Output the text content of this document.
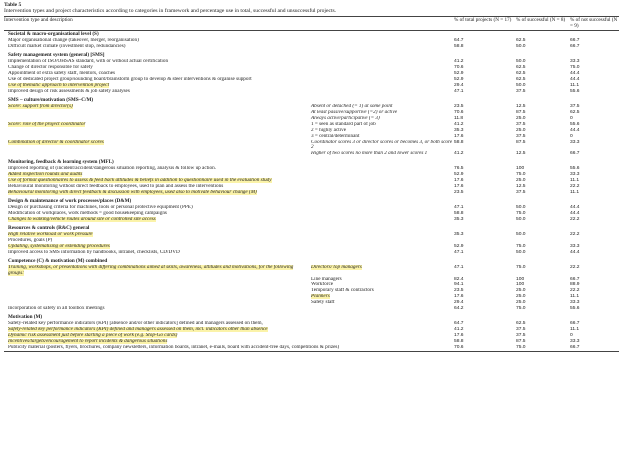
Table 5
Intervention types and project characteristics according to categories in framework and percentage use in total, successful and unsuccessful projects.
Intervention type and description		% of total projects (N = 17)	% of successful (N = 8)	% of not successful (N = 9)
Societal & macro-organisational level (S)				
Major organisational change (takeover, merger, reorganisation)		64.7	62.5	66.7
Difficult market climate (investment stop, redundancies)		58.8	50.0	66.7
Safety management system (general) [SMS]				
Implementation of ISO/OHSAS standard, with or without actual certification		41.2	50.0	33.3
Change of director responsible for safety		70.6	62.5	75.0
Appointment of extra safety staff, mentors, coaches		52.9	62.5	44.4
Use of dedicated project group/sounding board/brainstorm group to develop & steer interventions & organise support		52.9	62.5	44.4
Use of thematic approach to intervention project		29.4	50.0	11.1
Improved design of risk assessments & job safety analyses		47.1	37.5	55.6
SMS – culture/motivation (SMS–C/M)				
Score: support from director(s)	Absent or detached (= 1) at some point	23.5	12.5	37.5
	At least passive/supportive (=2) or active	70.6	87.5	62.5
	Always active/participative (= 3)	11.8	25.0	0
Score: role of the project coordinator	1 = seen as standard part of job	41.2	37.5	55.6
	2 = highly active	35.3	25.0	44.4
	3 = central/determinant	17.6	37.5	0
Combination of director & coordinator scores	Coordinator scores 3 or director scores or becomes 3, or both score 2	58.8	87.5	33.3
	Higher of two scores no more than 2 and lower scores 1	41.2	12.5	66.7
Monitoring, feedback & learning system (MFL)				
Improved reporting of (incident/accident/dangerous situation reporting, analysis & follow up action.		76.5	100	55.6
Added inspection rounds and audits		52.9	75.0	33.3
Use of formal questionnaires to assess & feed back attitudes & beliefs in addition to questionnaire used in the evaluation study		17.6	25.0	11.1
Behavioural monitoring without direct feedback to employees, used to plan and assess the interventions		17.6	12.5	22.2
Behavioural monitoring with direct feedback & discussion with employees, used also to motivate behaviour change (M)		23.5	37.5	11.1
Design & maintenance of work processes/places (D&M)				
Design or purchasing criteria for machines, tools or personal protective equipment (PPE)		47.1	50.0	44.4
Modification of workplaces, work methods = good housekeeping campaigns		58.8	75.0	44.4
Changes to walking/vehicle routes around site or controlled site access		35.3	50.0	22.2
Resources & controls (R&C) general				
High relative workload or work pressure		35.3	50.0	22.2
Procedures, goals (P)				
Updating, systematising or extending procedures		52.9	75.0	33.3
Improved access to SMS information by handbooks, intranet, checklists, CD/DVD		47.1	50.0	44.4
Competence (C) & motivation (M) combined				
Training, workshops, or presentations with differing combinations aimed at skills, awareness, attitudes and motivations, for the following groups:	Directors/ top managers	47.1	75.0	22.2
	Line managers	82.4	100	66.7
	Workforce	94.1	100	88.9
	Temporary staff & contractors	23.5	25.0	22.2
	Planners	17.6	25.0	11.1
	Safety staff	29.4	25.0	33.3
Incorporation of safety in all toolbox meetings		64.2	75.0	55.6
Motivation (M)				
Safety-related key performance indicators (KPI) [absence and/or other indicators] defined and managers assessed on them,		64.7	62.5	66.7
Safety-related key performance indicators (KPI) defined and managers assessed on them, incl. indicators other than absence		41.2	37.5	11.1
Dynamic risk assessment just before starting a piece of work (e.g. Stop-Go cards)		17.6	37.5	0
Incentives/targets/encouragement to report incidents & dangerous situations		58.8	87.5	33.3
Publicity material (posters, flyers, brochures, company newsletters, information boards, intranet, e-mails, board with accident-free days, competitions & prizes)		70.6	75.0	66.7
